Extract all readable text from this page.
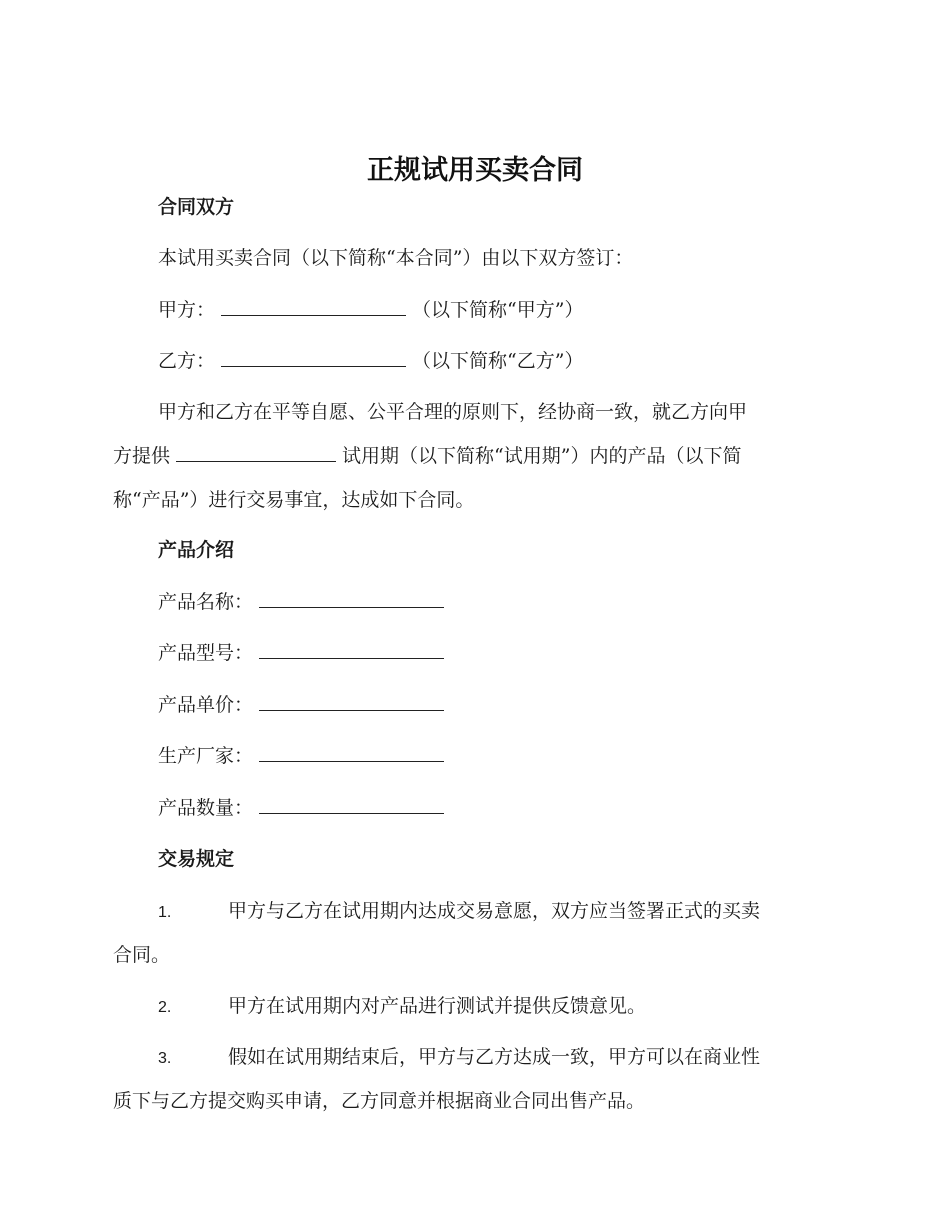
正规试用买卖合同
合同双方
本试用买卖合同（以下简称“本合同”）由以下双方签订：
甲方：	（以下简称“甲方”）
乙方：	（以下简称“乙方”）
甲方和乙方在平等自愿、公平合理的原则下，经协商一致，就乙方向甲
方提供	试用期（以下简称“试用期”）内的产品（以下简
称“产品”）进行交易事宜，达成如下合同。
产品介绍
产品名称：
产品型号：
产品单价：
生产厂家：
产品数量：
交易规定
1.	甲方与乙方在试用期内达成交易意愿，双方应当签署正式的买卖
合同。
2.	甲方在试用期内对产品进行测试并提供反馈意见。
3.	假如在试用期结束后，甲方与乙方达成一致，甲方可以在商业性
质下与乙方提交购买申请，乙方同意并根据商业合同出售产品。
